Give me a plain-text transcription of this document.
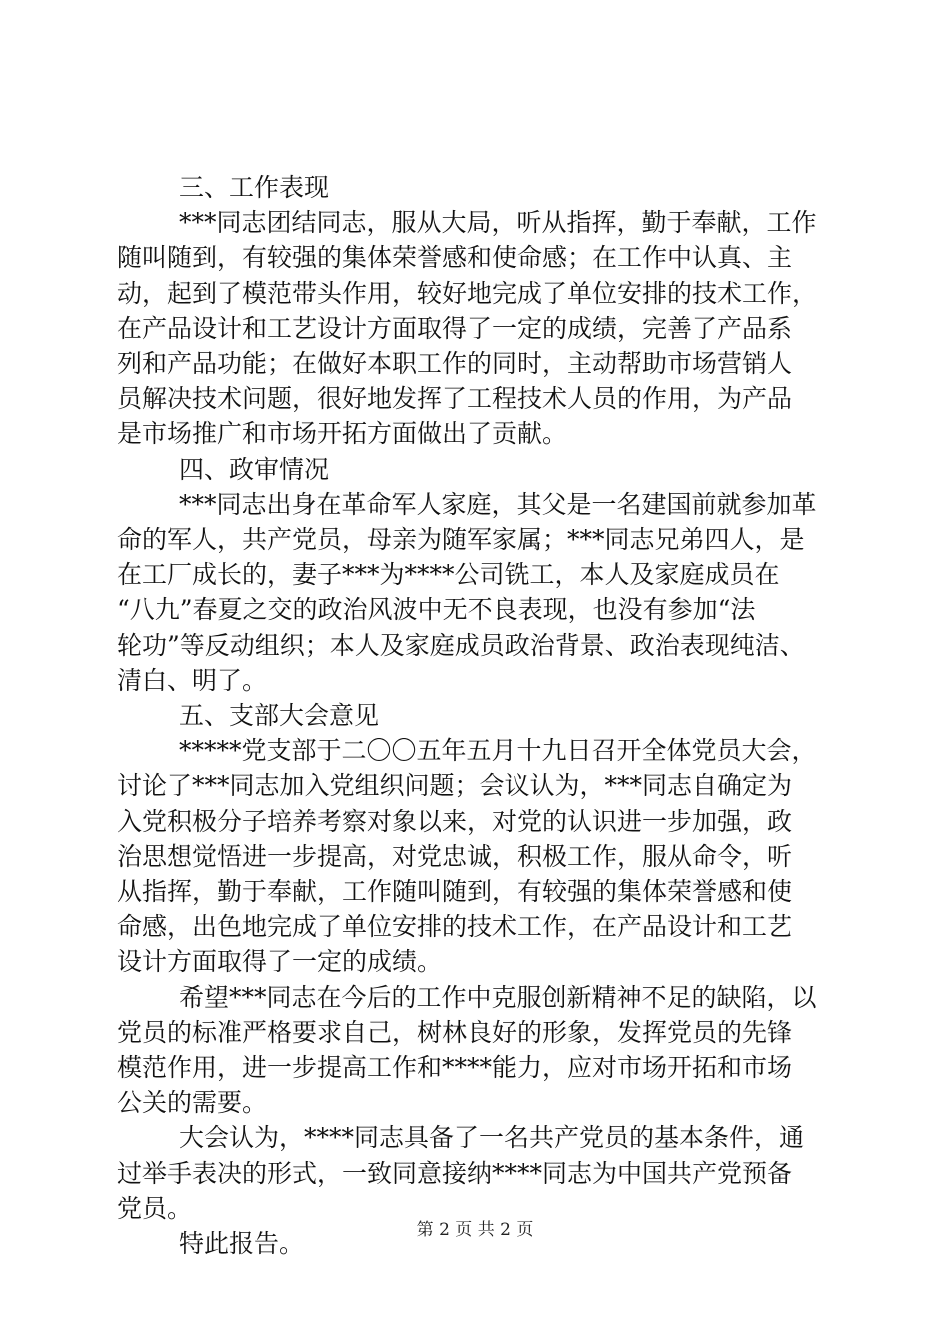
三、工作表现

***同志团结同志，服从大局，听从指挥，勤于奉献，工作

随叫随到，有较强的集体荣誉感和使命感；在工作中认真、主

动，起到了模范带头作用，较好地完成了单位安排的技术工作，

在产品设计和工艺设计方面取得了一定的成绩，完善了产品系

列和产品功能；在做好本职工作的同时，主动帮助市场营销人

员解决技术问题，很好地发挥了工程技术人员的作用，为产品

是市场推广和市场开拓方面做出了贡献。

四、政审情况

***同志出身在革命军人家庭，其父是一名建国前就参加革

命的军人，共产党员，母亲为随军家属；***同志兄弟四人，是

在工厂成长的，妻子***为****公司铣工，本人及家庭成员在

“八九”春夏之交的政治风波中无不良表现，也没有参加“法

轮功”等反动组织；本人及家庭成员政治背景、政治表现纯洁、

清白、明了。

五、支部大会意见

*****党支部于二〇〇五年五月十九日召开全体党员大会，

讨论了***同志加入党组织问题；会议认为，***同志自确定为

入党积极分子培养考察对象以来，对党的认识进一步加强，政

治思想觉悟进一步提高，对党忠诚，积极工作，服从命令，听

从指挥，勤于奉献，工作随叫随到，有较强的集体荣誉感和使

命感，出色地完成了单位安排的技术工作，在产品设计和工艺

设计方面取得了一定的成绩。

希望***同志在今后的工作中克服创新精神不足的缺陷，以

党员的标准严格要求自己，树林良好的形象，发挥党员的先锋

模范作用，进一步提高工作和****能力，应对市场开拓和市场

公关的需要。

大会认为，****同志具备了一名共产党员的基本条件，通

过举手表决的形式，一致同意接纳****同志为中国共产党预备

党员。

特此报告。	第 2 页 共 2 页
